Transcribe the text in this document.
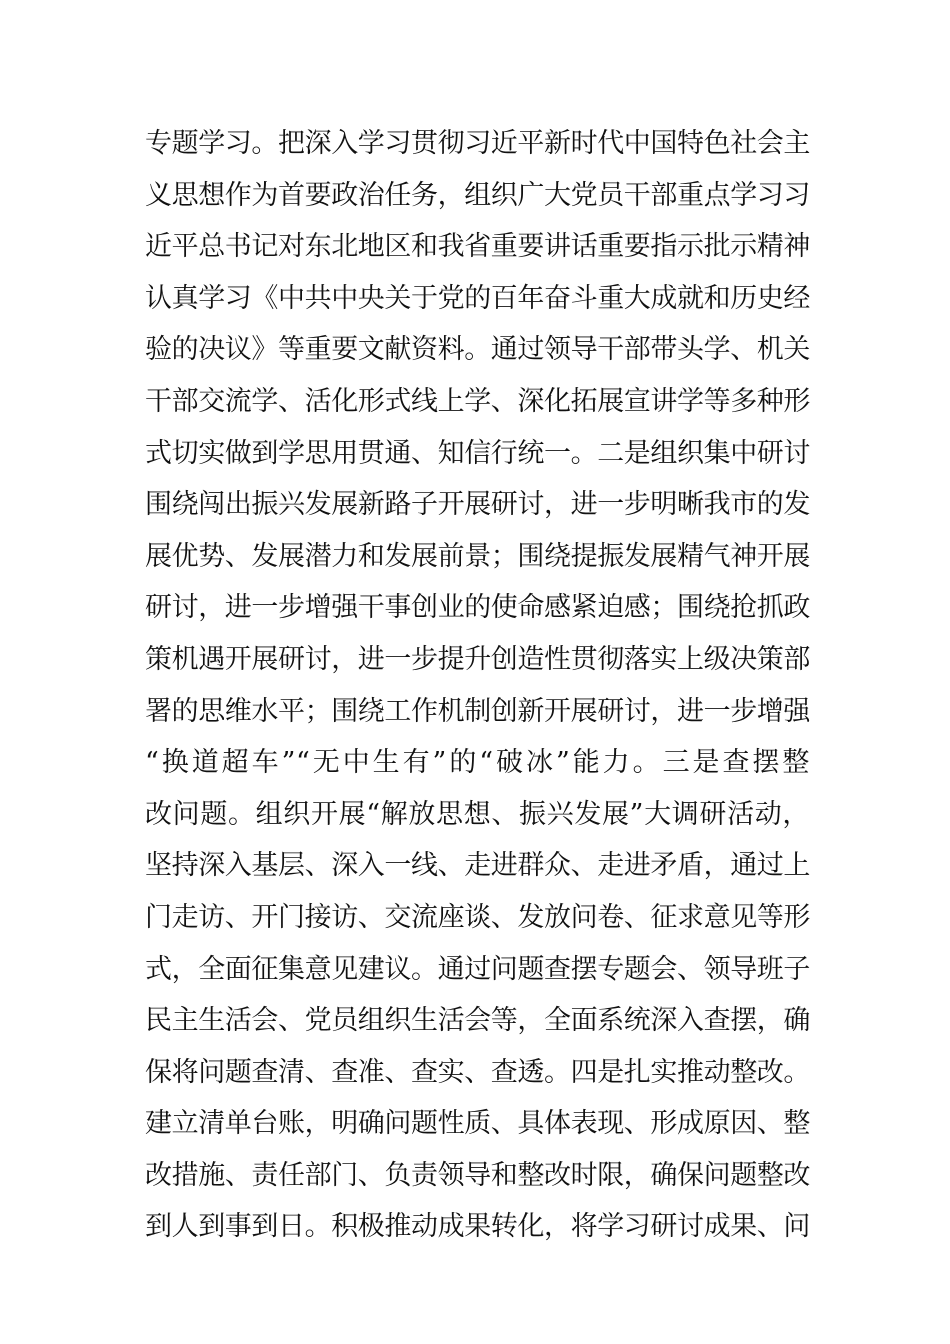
专题学习。把深入学习贯彻习近平新时代中国特色社会主
义思想作为首要政治任务，组织广大党员干部重点学习习
近平总书记对东北地区和我省重要讲话重要指示批示精神
认真学习《中共中央关于党的百年奋斗重大成就和历史经
验的决议》等重要文献资料。通过领导干部带头学、机关
干部交流学、活化形式线上学、深化拓展宣讲学等多种形
式切实做到学思用贯通、知信行统一。二是组织集中研讨
围绕闯出振兴发展新路子开展研讨，进一步明晰我市的发
展优势、发展潜力和发展前景；围绕提振发展精气神开展
研讨，进一步增强干事创业的使命感紧迫感；围绕抢抓政
策机遇开展研讨，进一步提升创造性贯彻落实上级决策部
署的思维水平；围绕工作机制创新开展研讨，进一步增强
“换道超车”“无中生有”的“破冰”能力。三是查摆整
改问题。组织开展“解放思想、振兴发展”大调研活动，
坚持深入基层、深入一线、走进群众、走进矛盾，通过上
门走访、开门接访、交流座谈、发放问卷、征求意见等形
式，全面征集意见建议。通过问题查摆专题会、领导班子
民主生活会、党员组织生活会等，全面系统深入查摆，确
保将问题查清、查准、查实、查透。四是扎实推动整改。
建立清单台账，明确问题性质、具体表现、形成原因、整
改措施、责任部门、负责领导和整改时限，确保问题整改
到人到事到日。积极推动成果转化，将学习研讨成果、问
